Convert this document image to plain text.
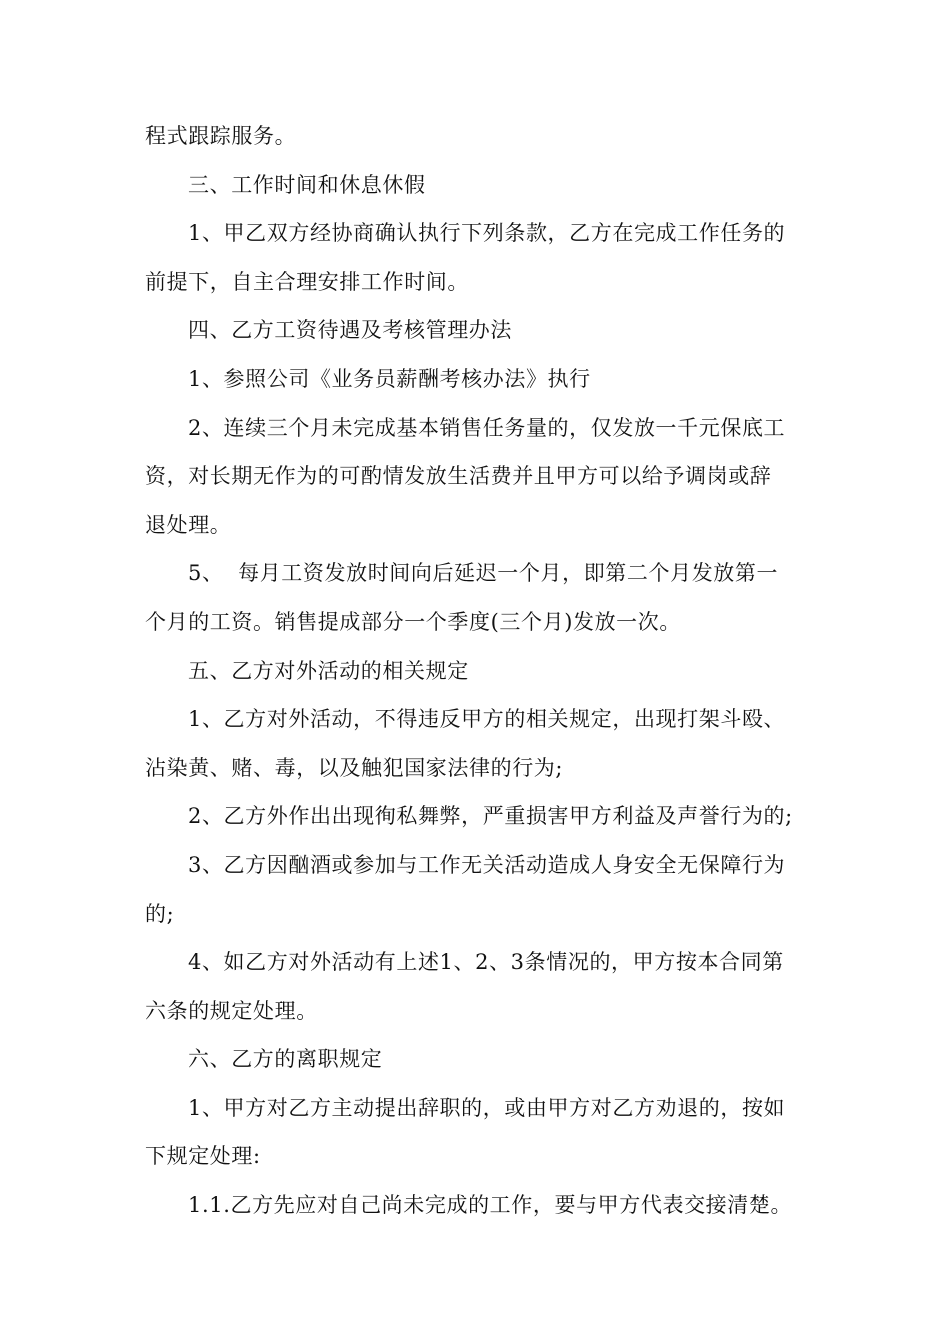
程式跟踪服务。
三、工作时间和休息休假
1、甲乙双方经协商确认执行下列条款，乙方在完成工作任务的
前提下，自主合理安排工作时间。
四、乙方工资待遇及考核管理办法
1、参照公司《业务员薪酬考核办法》执行
2、连续三个月未完成基本销售任务量的，仅发放一千元保底工
资，对长期无作为的可酌情发放生活费并且甲方可以给予调岗或辞
退处理。
5、  每月工资发放时间向后延迟一个月，即第二个月发放第一
个月的工资。销售提成部分一个季度(三个月)发放一次。
五、乙方对外活动的相关规定
1、乙方对外活动，不得违反甲方的相关规定，出现打架斗殴、
沾染黄、赌、毒，以及触犯国家法律的行为;
2、乙方外作出出现徇私舞弊，严重损害甲方利益及声誉行为的;
3、乙方因酗酒或参加与工作无关活动造成人身安全无保障行为
的;
4、如乙方对外活动有上述1、2、3条情况的，甲方按本合同第
六条的规定处理。
六、乙方的离职规定
1、甲方对乙方主动提出辞职的，或由甲方对乙方劝退的，按如
下规定处理:
1.1.乙方先应对自己尚未完成的工作，要与甲方代表交接清楚。
